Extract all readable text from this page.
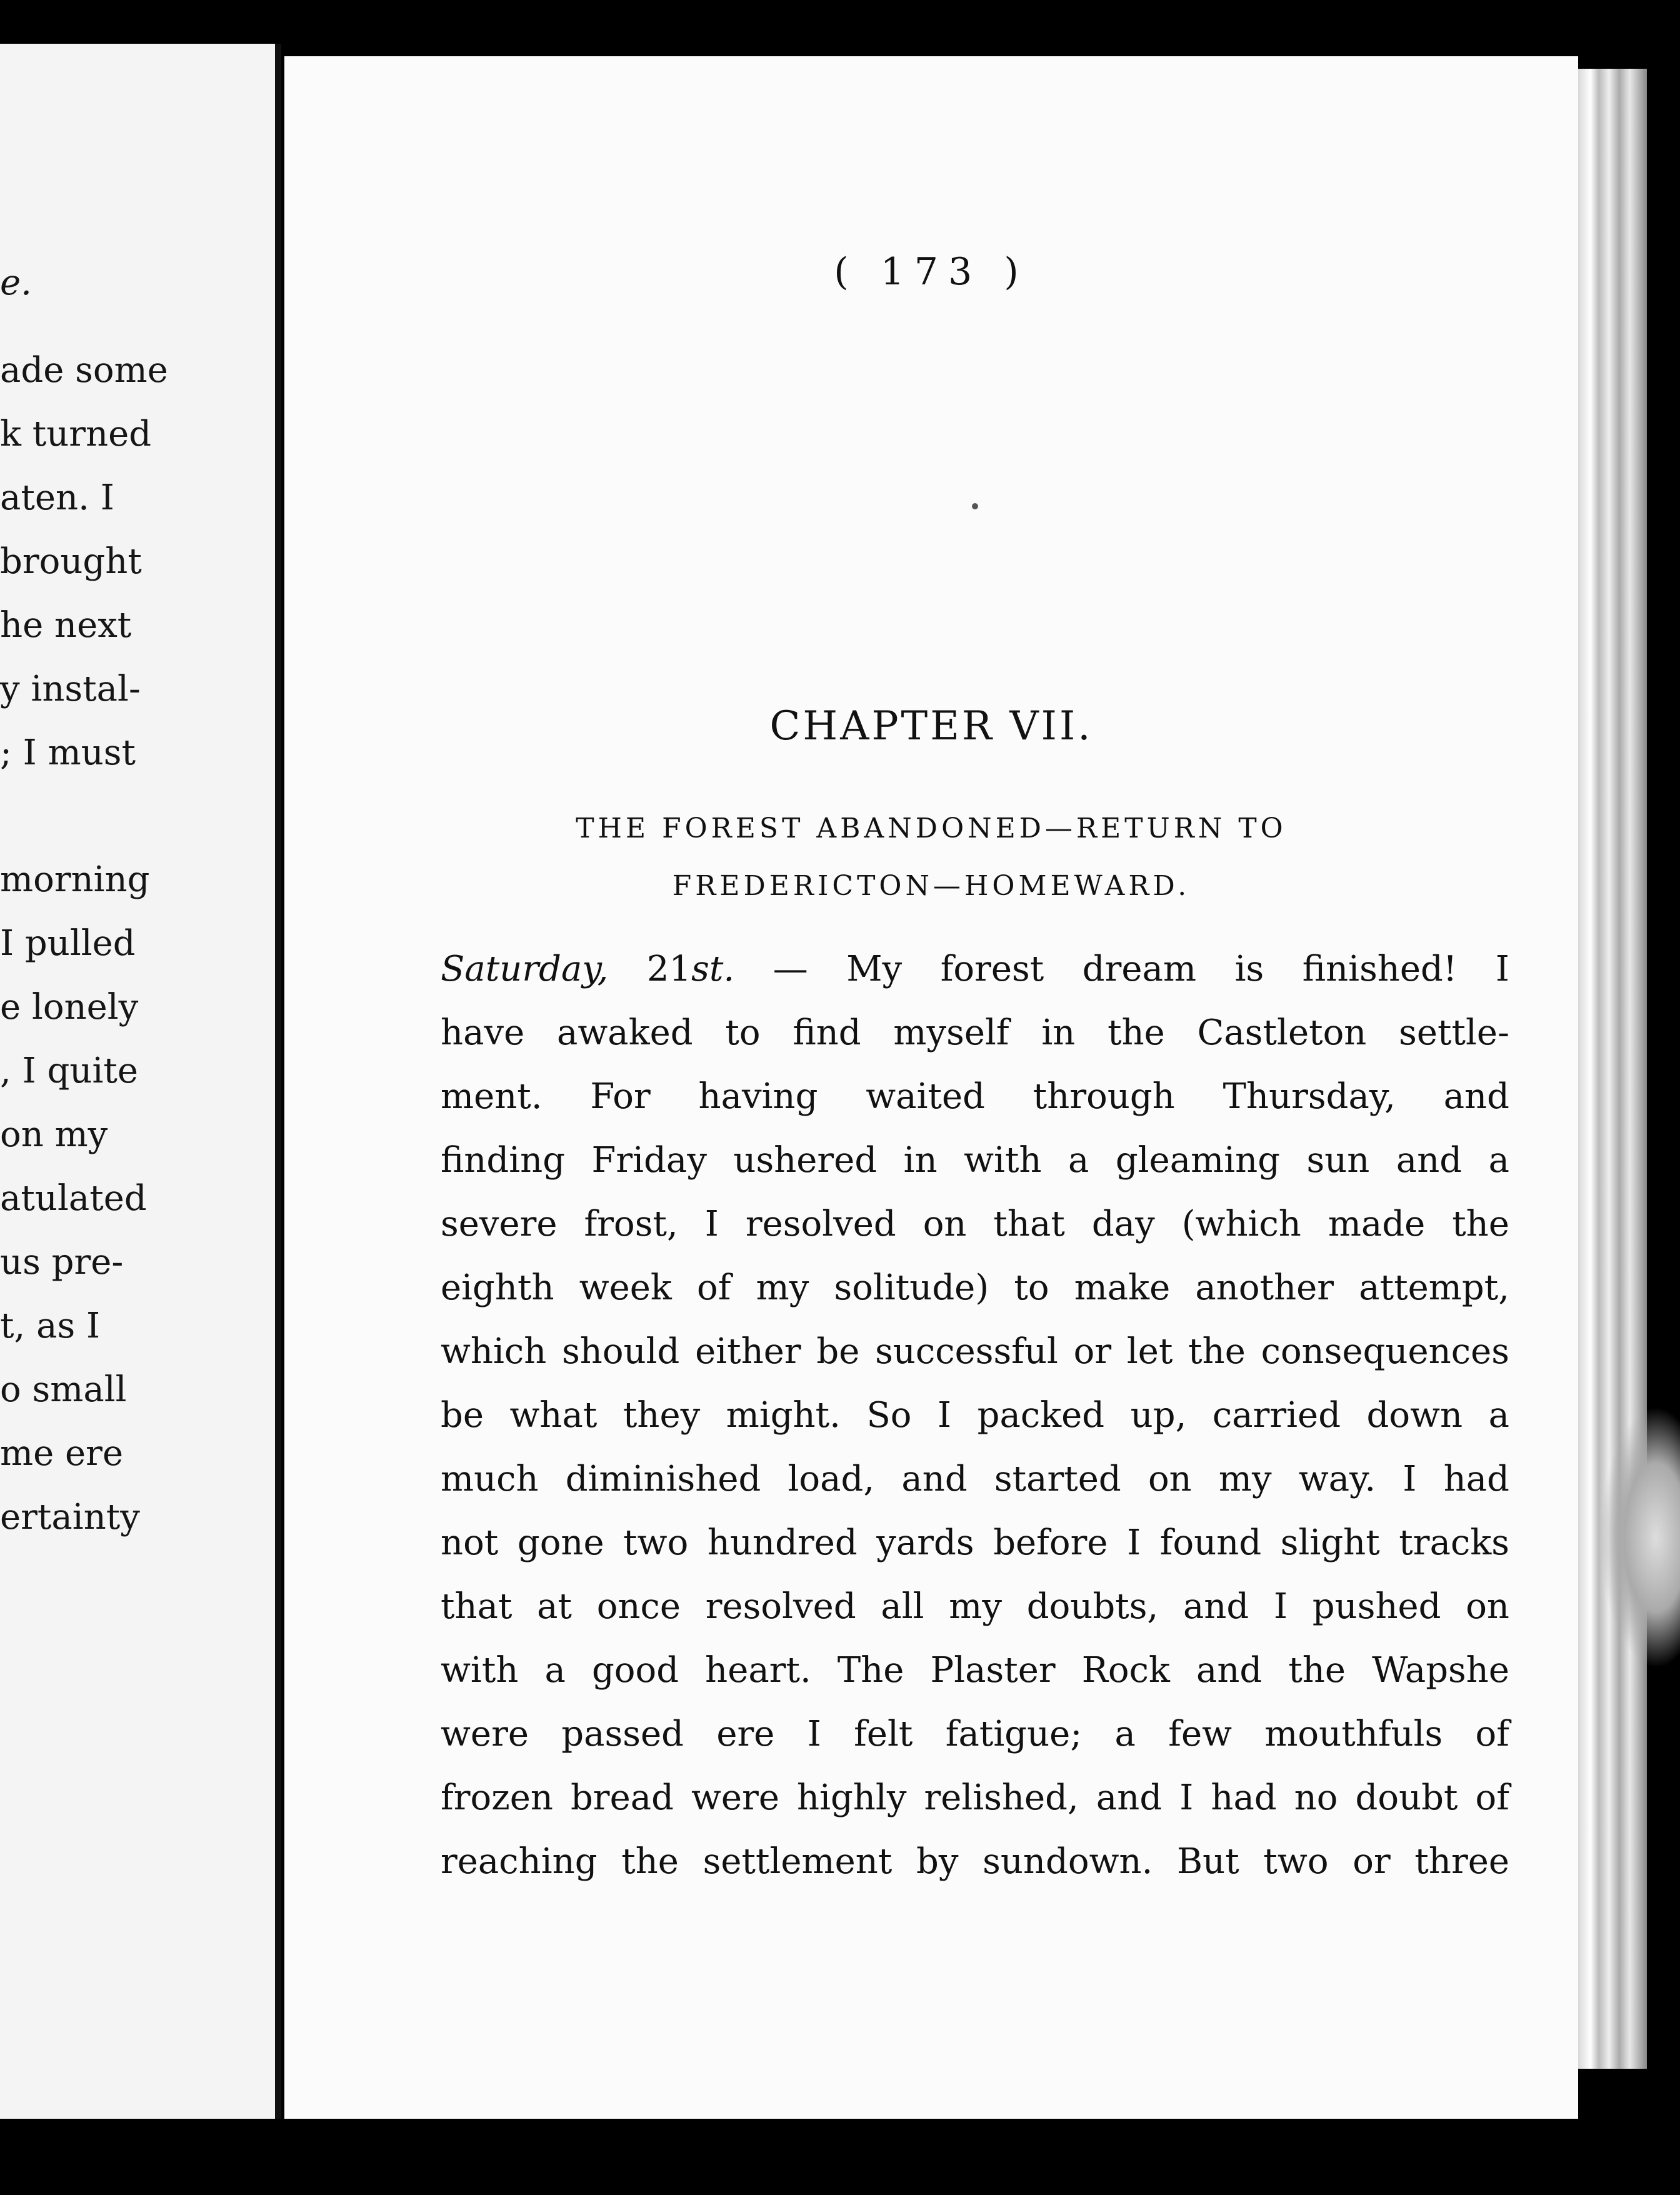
e.
ade some
k turned
aten. I
brought
he next
y instal-
; I must
morning
I pulled
e lonely
, I quite
on my
atulated
us pre-
t, as I
o small
me ere
ertainty
( 173 )
CHAPTER VII.
THE FOREST ABANDONED—RETURN TO
FREDERICTON—HOMEWARD.
Saturday, 21st. — My forest dream is finished! I
have awaked to find myself in the Castleton settle-
ment. For having waited through Thursday, and
finding Friday ushered in with a gleaming sun and a
severe frost, I resolved on that day (which made the
eighth week of my solitude) to make another attempt,
which should either be successful or let the consequences
be what they might. So I packed up, carried down a
much diminished load, and started on my way. I had
not gone two hundred yards before I found slight tracks
that at once resolved all my doubts, and I pushed on
with a good heart. The Plaster Rock and the Wapshe
were passed ere I felt fatigue; a few mouthfuls of
frozen bread were highly relished, and I had no doubt of
reaching the settlement by sundown. But two or three
